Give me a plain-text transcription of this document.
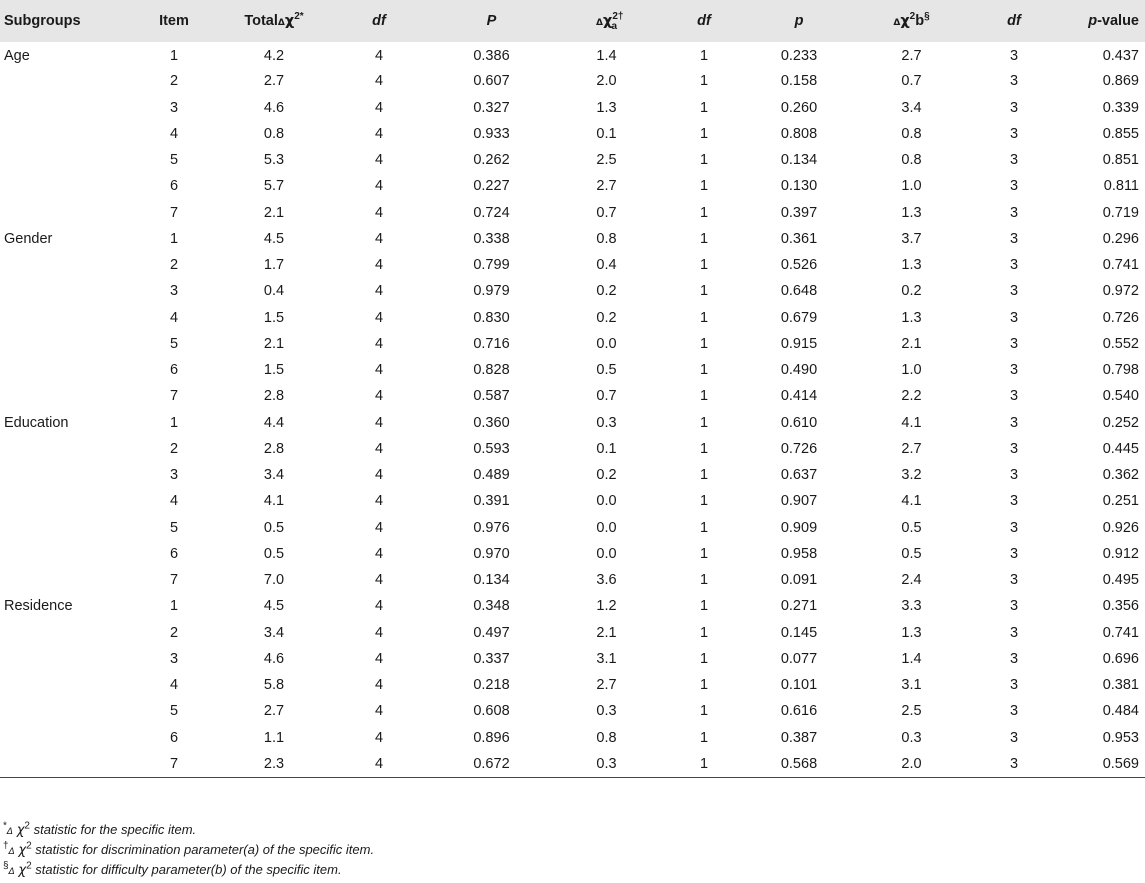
Subgroups	Item	TotalΔχ$^{2*}$	df	P	$\Delta\chi^{2\dagger}_a$	df	p	$\Delta\chi^2b^\S$	df	p-value
Age	1	4.2	4	0.386	1.4	1	0.233	2.7	3	0.437
	2	2.7	4	0.607	2.0	1	0.158	0.7	3	0.869
	3	4.6	4	0.327	1.3	1	0.260	3.4	3	0.339
	4	0.8	4	0.933	0.1	1	0.808	0.8	3	0.855
	5	5.3	4	0.262	2.5	1	0.134	0.8	3	0.851
	6	5.7	4	0.227	2.7	1	0.130	1.0	3	0.811
	7	2.1	4	0.724	0.7	1	0.397	1.3	3	0.719
Gender	1	4.5	4	0.338	0.8	1	0.361	3.7	3	0.296
	2	1.7	4	0.799	0.4	1	0.526	1.3	3	0.741
	3	0.4	4	0.979	0.2	1	0.648	0.2	3	0.972
	4	1.5	4	0.830	0.2	1	0.679	1.3	3	0.726
	5	2.1	4	0.716	0.0	1	0.915	2.1	3	0.552
	6	1.5	4	0.828	0.5	1	0.490	1.0	3	0.798
	7	2.8	4	0.587	0.7	1	0.414	2.2	3	0.540
Education	1	4.4	4	0.360	0.3	1	0.610	4.1	3	0.252
	2	2.8	4	0.593	0.1	1	0.726	2.7	3	0.445
	3	3.4	4	0.489	0.2	1	0.637	3.2	3	0.362
	4	4.1	4	0.391	0.0	1	0.907	4.1	3	0.251
	5	0.5	4	0.976	0.0	1	0.909	0.5	3	0.926
	6	0.5	4	0.970	0.0	1	0.958	0.5	3	0.912
	7	7.0	4	0.134	3.6	1	0.091	2.4	3	0.495
Residence	1	4.5	4	0.348	1.2	1	0.271	3.3	3	0.356
	2	3.4	4	0.497	2.1	1	0.145	1.3	3	0.741
	3	4.6	4	0.337	3.1	1	0.077	1.4	3	0.696
	4	5.8	4	0.218	2.7	1	0.101	3.1	3	0.381
	5	2.7	4	0.608	0.3	1	0.616	2.5	3	0.484
	6	1.1	4	0.896	0.8	1	0.387	0.3	3	0.953
	7	2.3	4	0.672	0.3	1	0.568	2.0	3	0.569
*Δ $\chi^2$ statistic for the specific item.
†Δ $\chi^2$ statistic for discrimination parameter(a) of the specific item.
§Δ $\chi^2$ statistic for difficulty parameter(b) of the specific item.
